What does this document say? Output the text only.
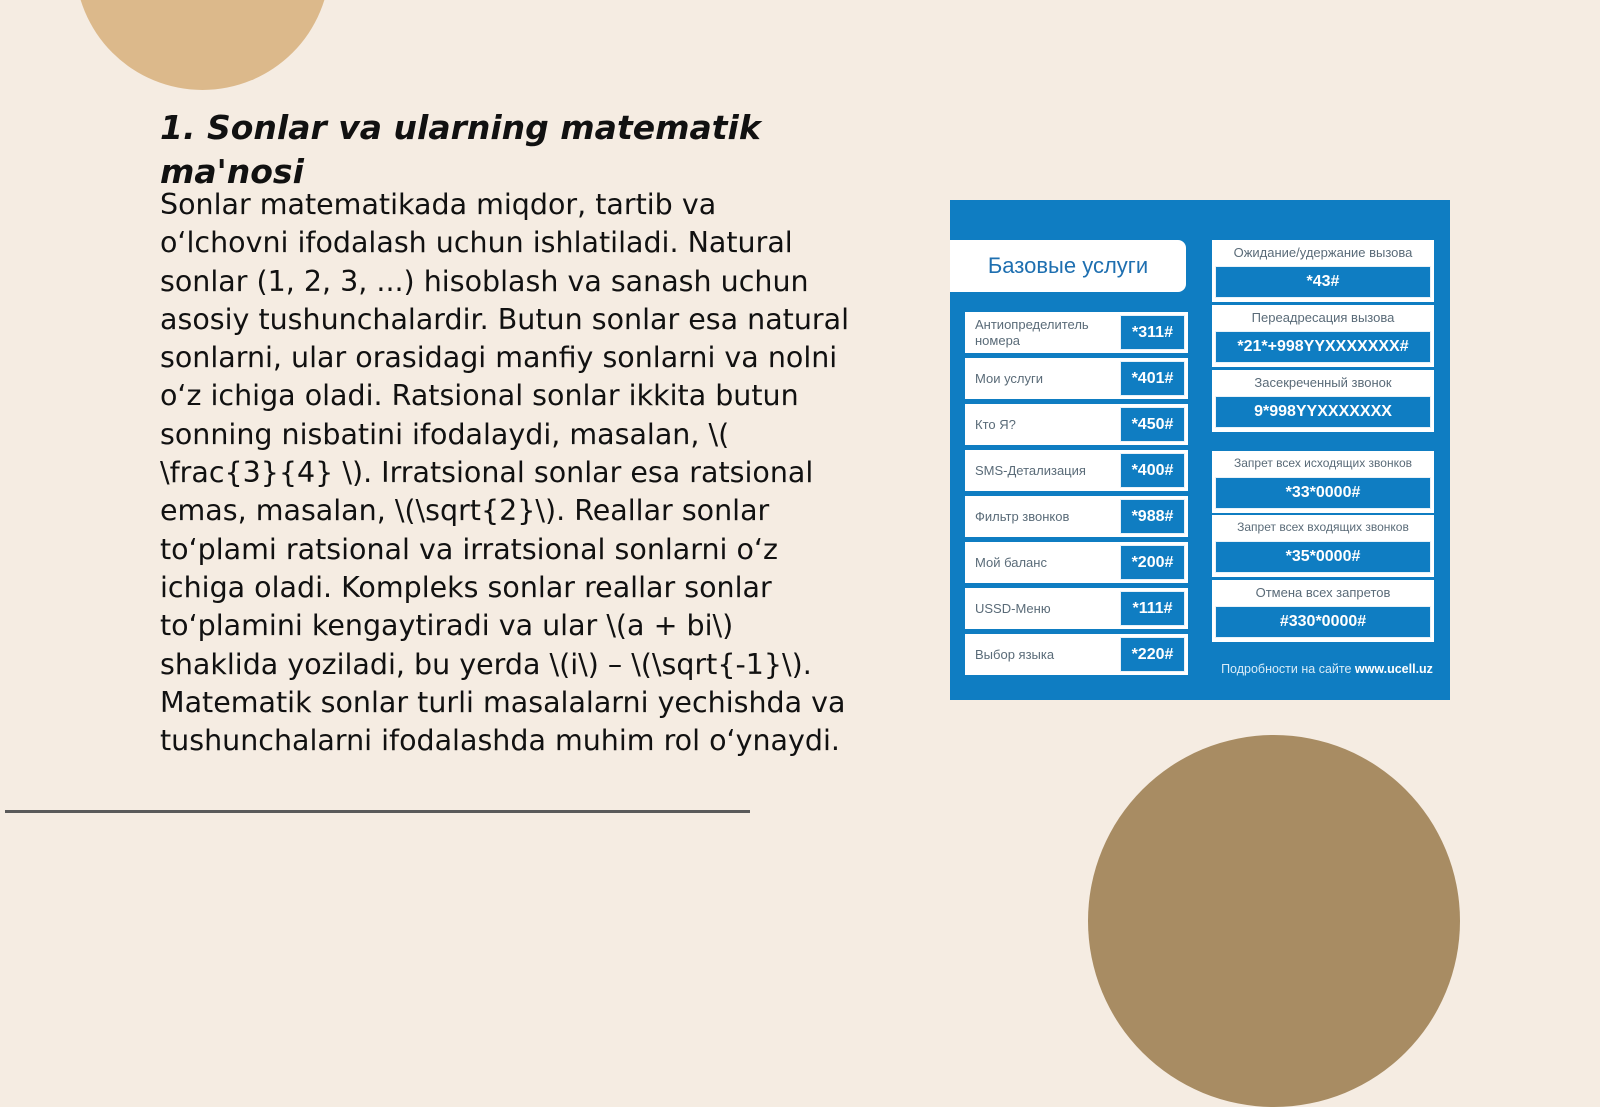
1. Sonlar va ularning matematik ma'nosi

Sonlar matematikada miqdor, tartib va o‘lchovni ifodalash uchun ishlatiladi. Natural sonlar (1, 2, 3, ...) hisoblash va sanash uchun asosiy tushunchalardir. Butun sonlar esa natural sonlarni, ular orasidagi manfiy sonlarni va nolni o‘z ichiga oladi. Ratsional sonlar ikkita butun sonning nisbatini ifodalaydi, masalan, \( \frac{3}{4} \). Irratsional sonlar esa ratsional emas, masalan, \(\sqrt{2}\). Reallar sonlar to‘plami ratsional va irratsional sonlarni o‘z ichiga oladi. Kompleks sonlar reallar sonlar to‘plamini kengaytiradi va ular \(a + bi\) shaklida yoziladi, bu yerda \(i\) – \(\sqrt{-1}\). Matematik sonlar turli masalalarni yechishda va tushunchalarni ifodalashda muhim rol o‘ynaydi.

Базовые услуги
Антиопределитель номера	*311#
Мои услуги	*401#
Кто Я?	*450#
SMS-Детализация	*400#
Фильтр звонков	*988#
Мой баланс	*200#
USSD-Меню	*111#
Выбор языка	*220#
Ожидание/удержание вызова
*43#
Переадресация вызова
*21*+998YYXXXXXXX#
Засекреченный звонок
9*998YYXXXXXXX
Запрет всех исходящих звонков
*33*0000#
Запрет всех входящих звонков
*35*0000#
Отмена всех запретов
#330*0000#
Подробности на сайте www.ucell.uz
